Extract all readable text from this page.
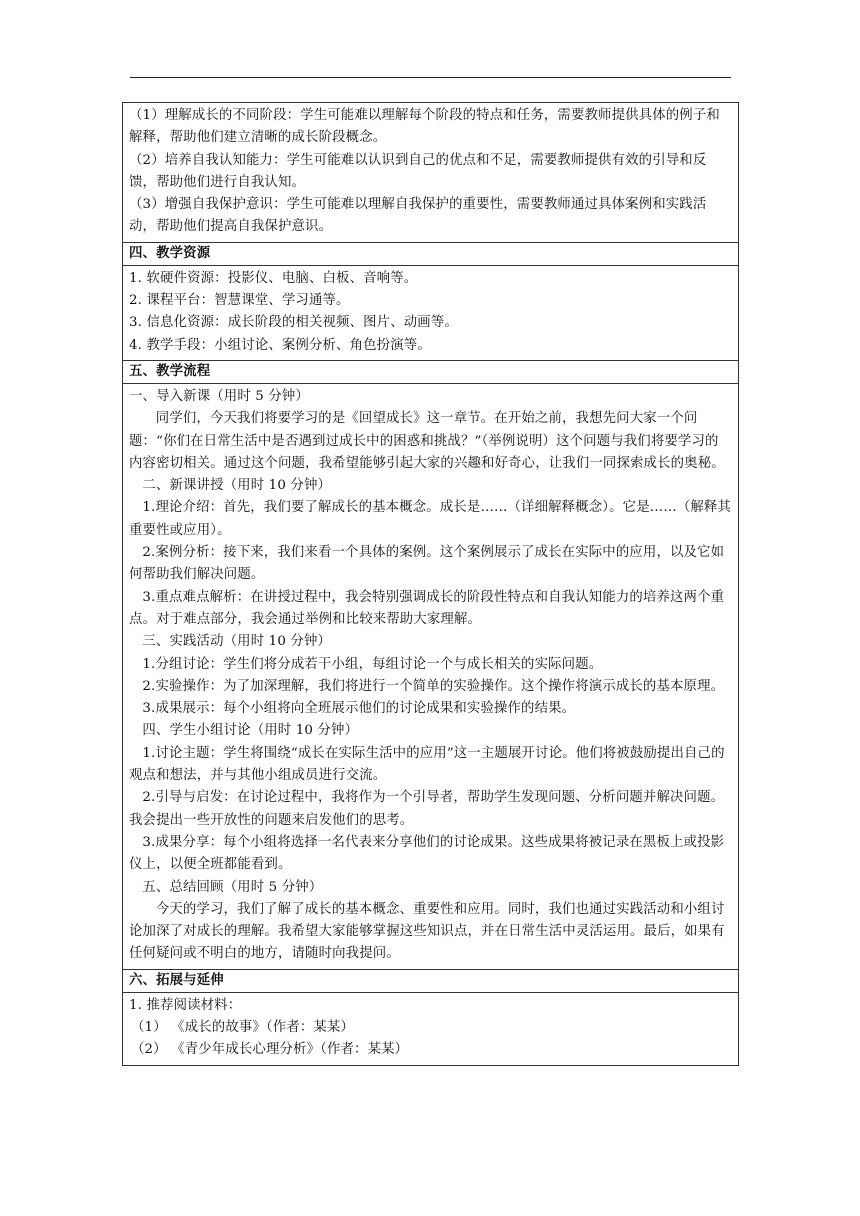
（1）理解成长的不同阶段：学生可能难以理解每个阶段的特点和任务，需要教师提供具体的例子和解释，帮助他们建立清晰的成长阶段概念。

（2）培养自我认知能力：学生可能难以认识到自己的优点和不足，需要教师提供有效的引导和反馈，帮助他们进行自我认知。

（3）增强自我保护意识：学生可能难以理解自我保护的重要性，需要教师通过具体案例和实践活动，帮助他们提高自我保护意识。

四、教学资源

1. 软硬件资源：投影仪、电脑、白板、音响等。

2. 课程平台：智慧课堂、学习通等。

3. 信息化资源：成长阶段的相关视频、图片、动画等。

4. 教学手段：小组讨论、案例分析、角色扮演等。

五、教学流程

一、导入新课（用时 5 分钟）

同学们，今天我们将要学习的是《回望成长》这一章节。在开始之前，我想先问大家一个问题：“你们在日常生活中是否遇到过成长中的困惑和挑战？”（举例说明）这个问题与我们将要学习的内容密切相关。通过这个问题，我希望能够引起大家的兴趣和好奇心，让我们一同探索成长的奥秘。

二、新课讲授（用时 10 分钟）

1.理论介绍：首先，我们要了解成长的基本概念。成长是……（详细解释概念）。它是……（解释其重要性或应用）。

2.案例分析：接下来，我们来看一个具体的案例。这个案例展示了成长在实际中的应用，以及它如何帮助我们解决问题。

3.重点难点解析：在讲授过程中，我会特别强调成长的阶段性特点和自我认知能力的培养这两个重点。对于难点部分，我会通过举例和比较来帮助大家理解。

三、实践活动（用时 10 分钟）

1.分组讨论：学生们将分成若干小组，每组讨论一个与成长相关的实际问题。

2.实验操作：为了加深理解，我们将进行一个简单的实验操作。这个操作将演示成长的基本原理。

3.成果展示：每个小组将向全班展示他们的讨论成果和实验操作的结果。

四、学生小组讨论（用时 10 分钟）

1.讨论主题：学生将围绕“成长在实际生活中的应用”这一主题展开讨论。他们将被鼓励提出自己的观点和想法，并与其他小组成员进行交流。

2.引导与启发：在讨论过程中，我将作为一个引导者，帮助学生发现问题、分析问题并解决问题。我会提出一些开放性的问题来启发他们的思考。

3.成果分享：每个小组将选择一名代表来分享他们的讨论成果。这些成果将被记录在黑板上或投影仪上，以便全班都能看到。

五、总结回顾（用时 5 分钟）

今天的学习，我们了解了成长的基本概念、重要性和应用。同时，我们也通过实践活动和小组讨论加深了对成长的理解。我希望大家能够掌握这些知识点，并在日常生活中灵活运用。最后，如果有任何疑问或不明白的地方，请随时向我提问。

六、拓展与延伸

1. 推荐阅读材料：

（1） 《成长的故事》（作者：某某）

（2） 《青少年成长心理分析》（作者：某某）
